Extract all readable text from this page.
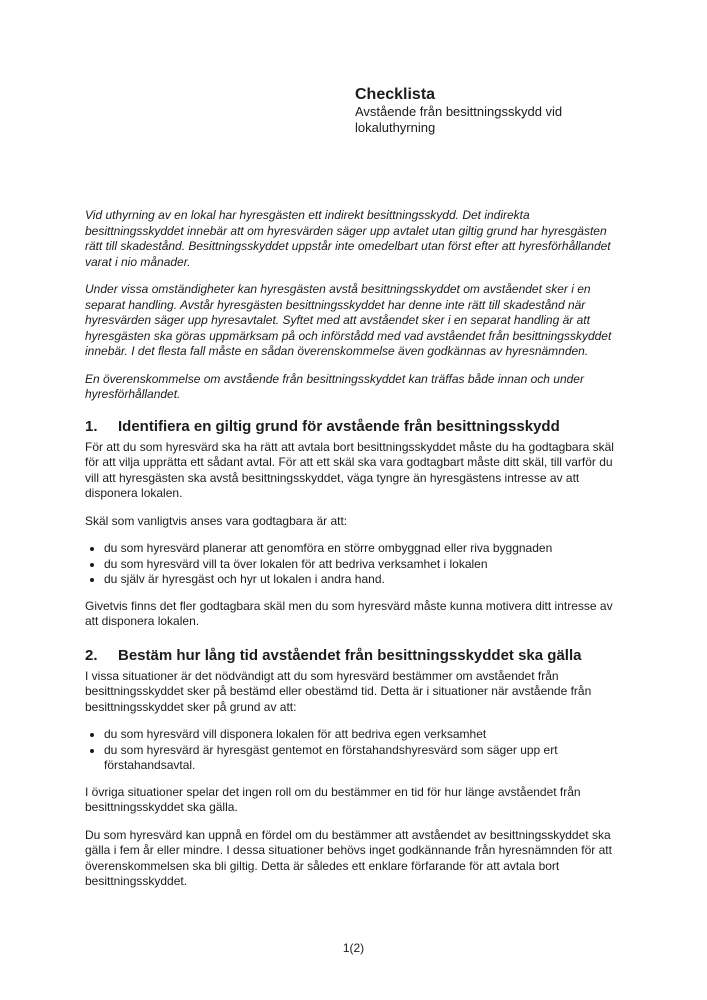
Checklista

Avstående från besittningsskydd vid lokaluthyrning

Vid uthyrning av en lokal har hyresgästen ett indirekt besittningsskydd. Det indirekta besittningsskyddet innebär att om hyresvärden säger upp avtalet utan giltig grund har hyresgästen rätt till skadestånd. Besittningsskyddet uppstår inte omedelbart utan först efter att hyresförhållandet varat i nio månader.

Under vissa omständigheter kan hyresgästen avstå besittningsskyddet om avståendet sker i en separat handling. Avstår hyresgästen besittningsskyddet har denne inte rätt till skadestånd när hyresvärden säger upp hyresavtalet. Syftet med att avståendet sker i en separat handling är att hyresgästen ska göras uppmärksam på och införstådd med vad avståendet från besittningsskyddet innebär. I det flesta fall måste en sådan överenskommelse även godkännas av hyresnämnden.

En överenskommelse om avstående från besittningsskyddet kan träffas både innan och under hyresförhållandet.

1.	Identifiera en giltig grund för avstående från besittningsskydd

För att du som hyresvärd ska ha rätt att avtala bort besittningsskyddet måste du ha godtagbara skäl för att vilja upprätta ett sådant avtal. För att ett skäl ska vara godtagbart måste ditt skäl, till varför du vill att hyresgästen ska avstå besittningsskyddet, väga tyngre än hyresgästens intresse av att disponera lokalen.

Skäl som vanligtvis anses vara godtagbara är att:

• du som hyresvärd planerar att genomföra en större ombyggnad eller riva byggnaden
• du som hyresvärd vill ta över lokalen för att bedriva verksamhet i lokalen
• du själv är hyresgäst och hyr ut lokalen i andra hand.

Givetvis finns det fler godtagbara skäl men du som hyresvärd måste kunna motivera ditt intresse av att disponera lokalen.

2.	Bestäm hur lång tid avståendet från besittningsskyddet ska gälla

I vissa situationer är det nödvändigt att du som hyresvärd bestämmer om avståendet från besittningsskyddet sker på bestämd eller obestämd tid. Detta är i situationer när avstående från besittningsskyddet sker på grund av att:

• du som hyresvärd vill disponera lokalen för att bedriva egen verksamhet
• du som hyresvärd är hyresgäst gentemot en förstahandshyresvärd som säger upp ert förstahandsavtal.

I övriga situationer spelar det ingen roll om du bestämmer en tid för hur länge avståendet från besittningsskyddet ska gälla.

Du som hyresvärd kan uppnå en fördel om du bestämmer att avståendet av besittningsskyddet ska gälla i fem år eller mindre. I dessa situationer behövs inget godkännande från hyresnämnden för att överenskommelsen ska bli giltig. Detta är således ett enklare förfarande för att avtala bort besittningsskyddet.

1(2)
